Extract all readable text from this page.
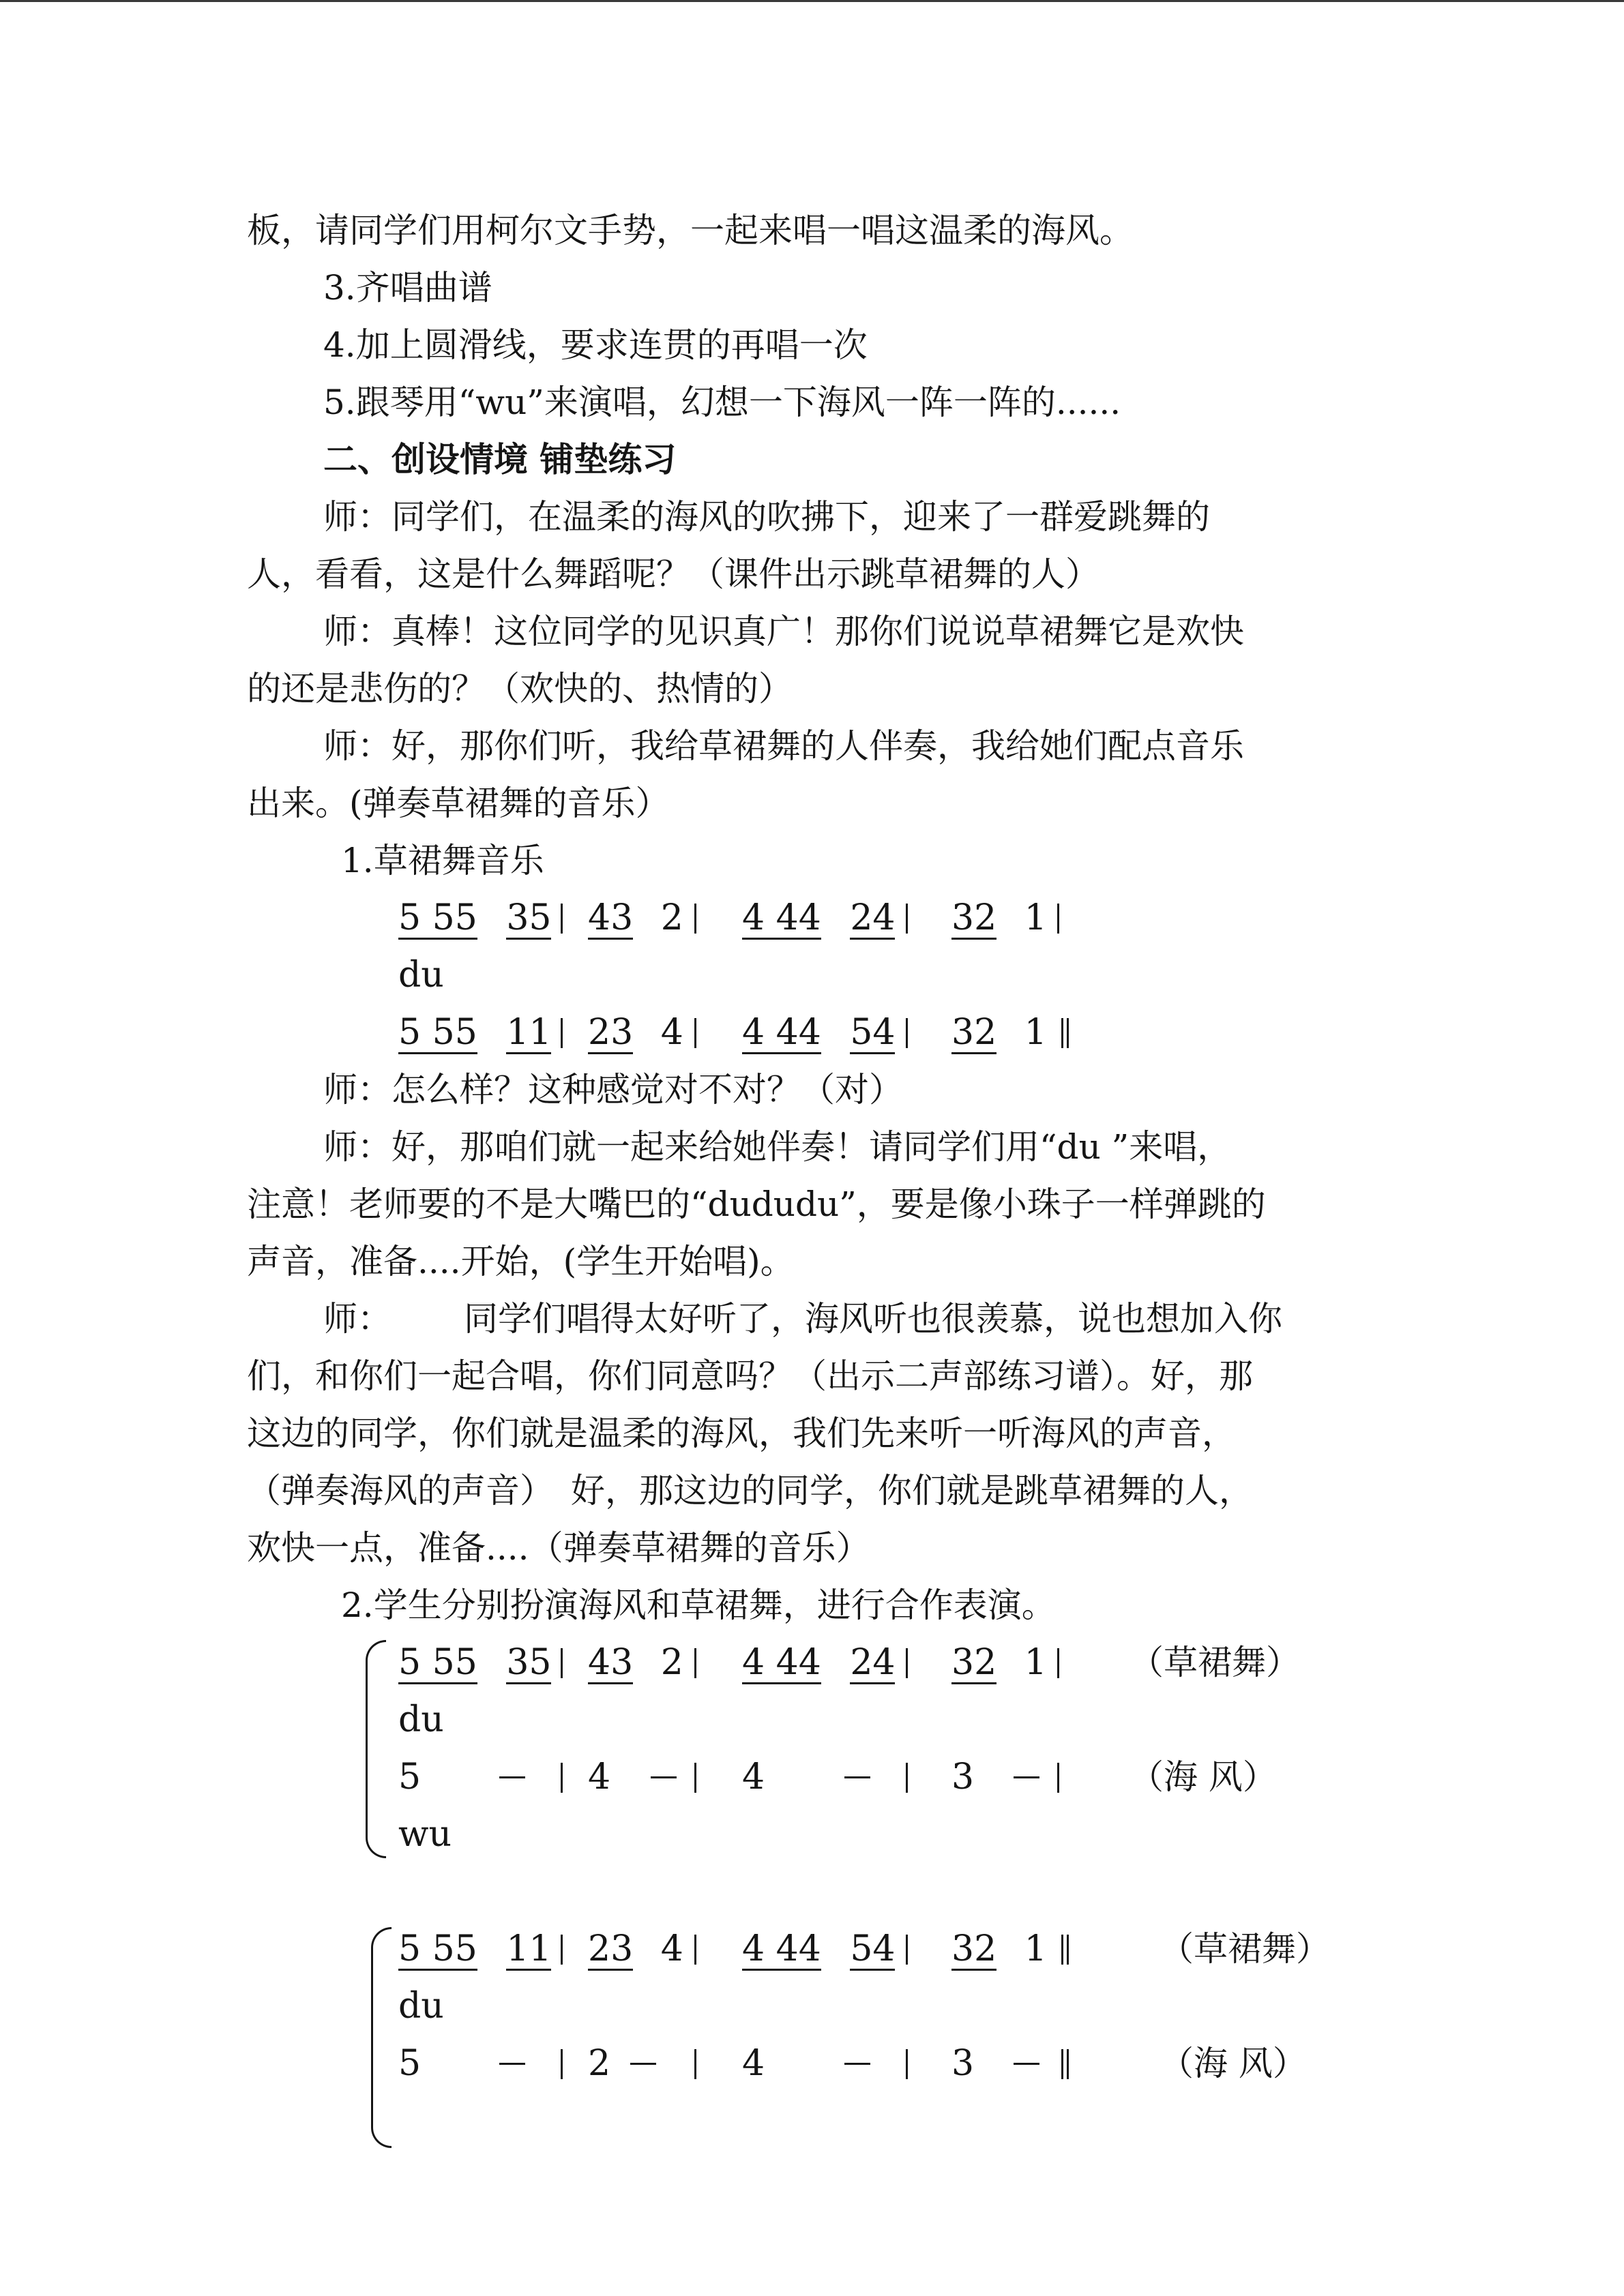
板，请同学们用柯尔文手势，一起来唱一唱这温柔的海风。
3.齐唱曲谱
4.加上圆滑线，要求连贯的再唱一次
5.跟琴用“wu”来演唱，幻想一下海风一阵一阵的......
二、创设情境 铺垫练习
师：同学们，在温柔的海风的吹拂下，迎来了一群爱跳舞的
人，看看，这是什么舞蹈呢？（课件出示跳草裙舞的人）
师：真棒！这位同学的见识真广！那你们说说草裙舞它是欢快
的还是悲伤的？（欢快的、热情的）
师：好，那你们听，我给草裙舞的人伴奏，我给她们配点音乐
出来。(弹奏草裙舞的音乐）
1.草裙舞音乐
5 55 35 43 2 4 44 24 32 1
du
5 55 11 23 4 4 44 54 32 1
师：怎么样？这种感觉对不对？（对）
师：好，那咱们就一起来给她伴奏！请同学们用“du ”来唱，
注意！老师要的不是大嘴巴的“dududu”，要是像小珠子一样弹跳的
声音，准备....开始，(学生开始唱)。
师： 同学们唱得太好听了，海风听也很羡慕，说也想加入你
们，和你们一起合唱，你们同意吗？（出示二声部练习谱）。好，那
这边的同学，你们就是温柔的海风，我们先来听一听海风的声音，
（弹奏海风的声音）　好，那这边的同学，你们就是跳草裙舞的人，
欢快一点，准备....（弹奏草裙舞的音乐）
2.学生分别扮演海风和草裙舞，进行合作表演。
5 55 35 43 2 4 44 24 32 1 （草裙舞）
du
5	4	4	3	（海 风）
wu
5 55 11 23 4 4 44 54 32 1	（草裙舞）
du
5	2	4	3	（海 风）
